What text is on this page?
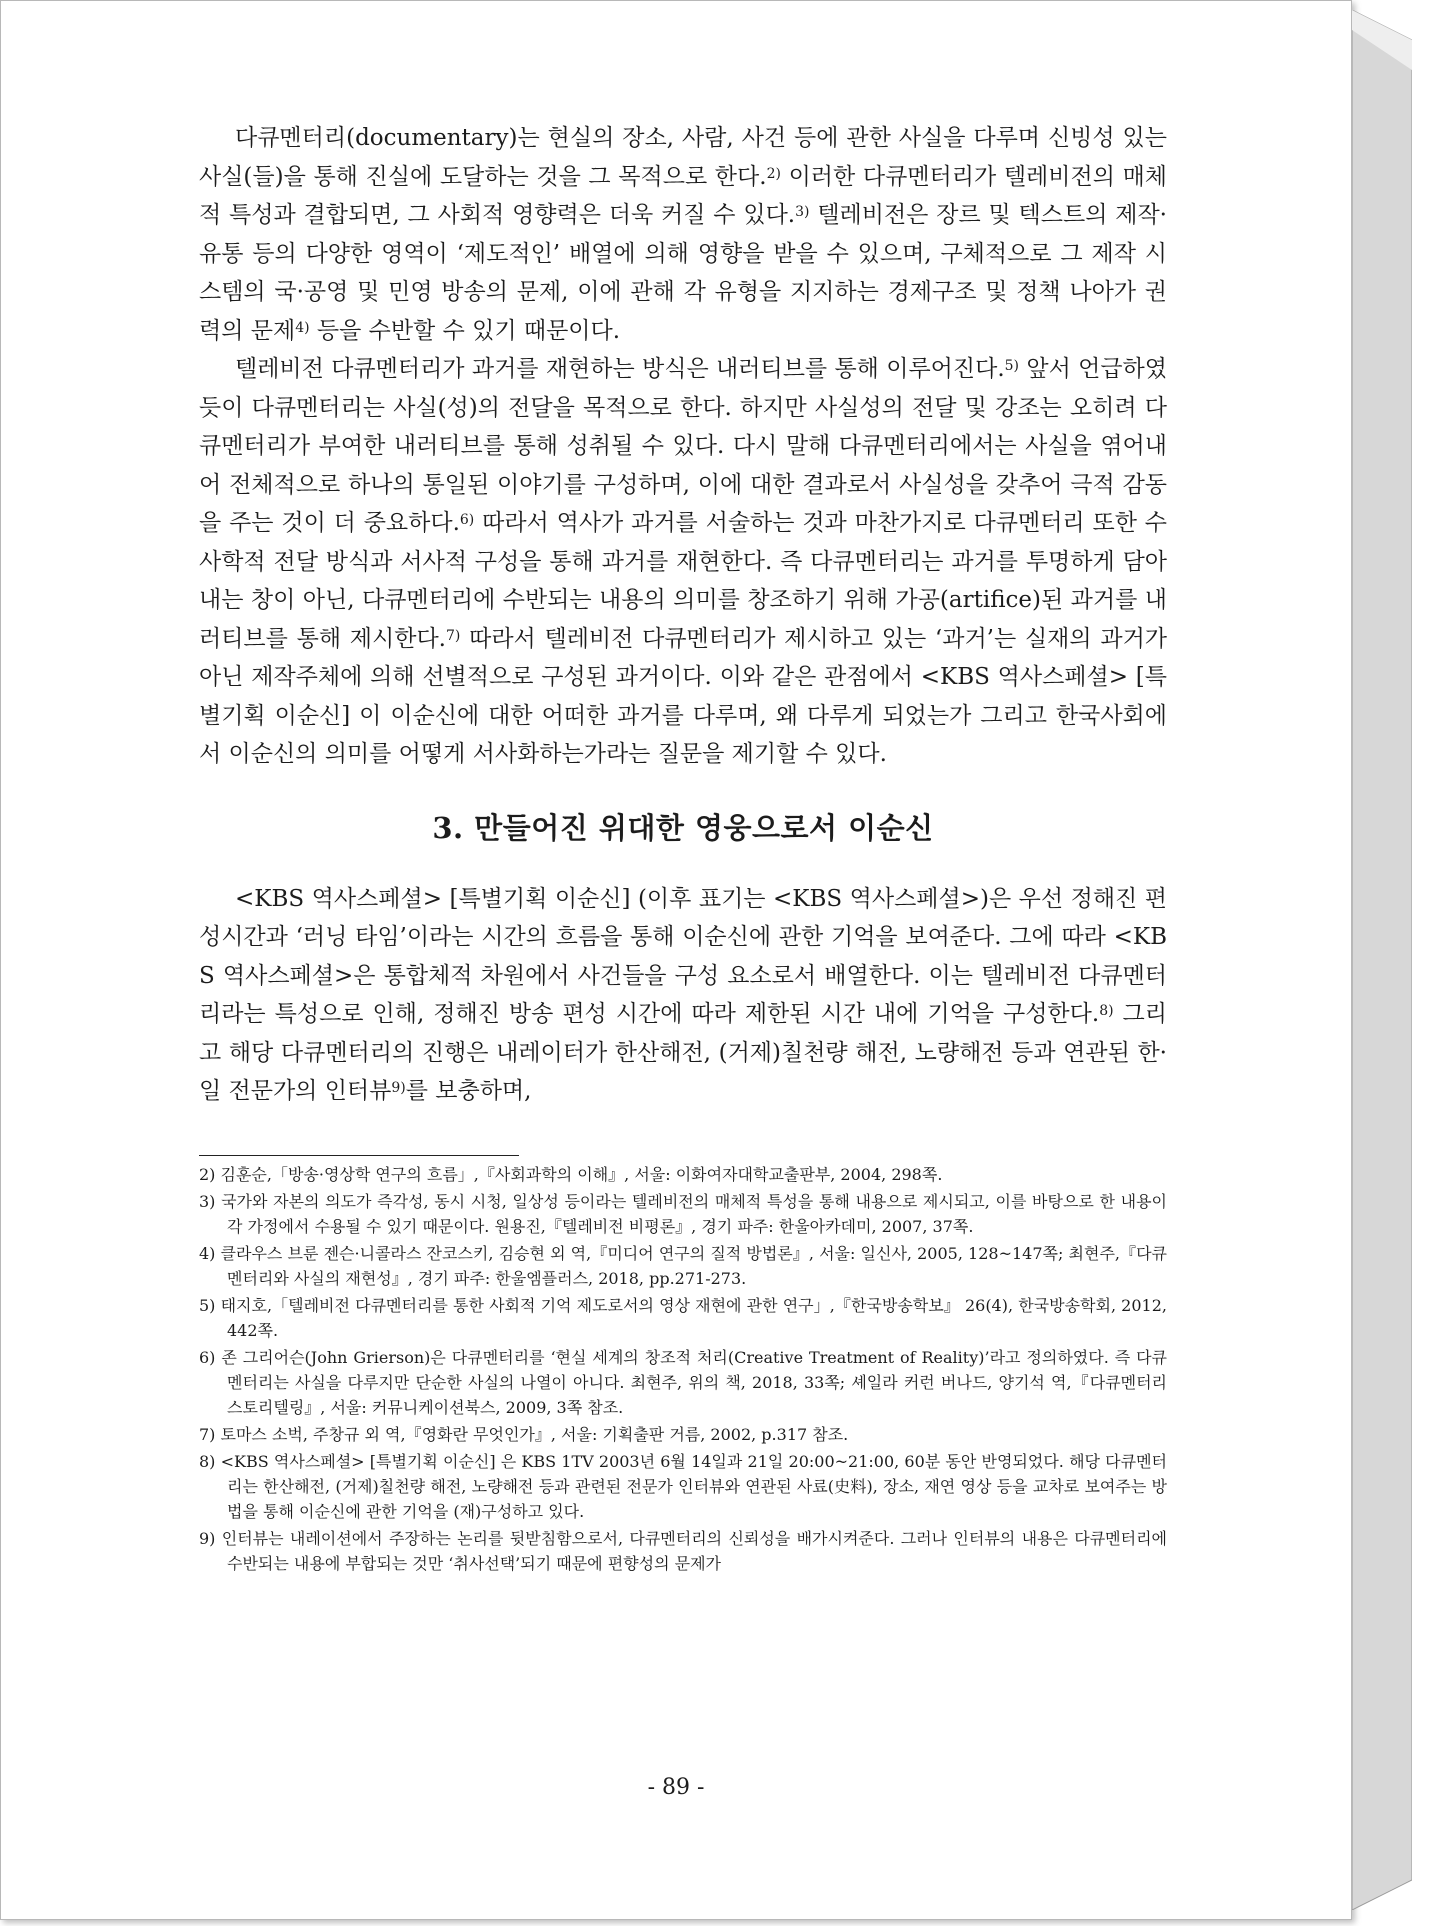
다큐멘터리(documentary)는 현실의 장소, 사람, 사건 등에 관한 사실을 다루며 신빙성 있는 사실(들)을 통해 진실에 도달하는 것을 그 목적으로 한다.$^{2)}$ 이러한 다큐멘터리가 텔레비전의 매체적 특성과 결합되면, 그 사회적 영향력은 더욱 커질 수 있다.$^{3)}$ 텔레비전은 장르 및 텍스트의 제작·유통 등의 다양한 영역이 ‘제도적인’ 배열에 의해 영향을 받을 수 있으며, 구체적으로 그 제작 시스템의 국·공영 및 민영 방송의 문제, 이에 관해 각 유형을 지지하는 경제구조 및 정책 나아가 권력의 문제$^{4)}$ 등을 수반할 수 있기 때문이다.

텔레비전 다큐멘터리가 과거를 재현하는 방식은 내러티브를 통해 이루어진다.$^{5)}$ 앞서 언급하였듯이 다큐멘터리는 사실(성)의 전달을 목적으로 한다. 하지만 사실성의 전달 및 강조는 오히려 다큐멘터리가 부여한 내러티브를 통해 성취될 수 있다. 다시 말해 다큐멘터리에서는 사실을 엮어내어 전체적으로 하나의 통일된 이야기를 구성하며, 이에 대한 결과로서 사실성을 갖추어 극적 감동을 주는 것이 더 중요하다.$^{6)}$ 따라서 역사가 과거를 서술하는 것과 마찬가지로 다큐멘터리 또한 수사학적 전달 방식과 서사적 구성을 통해 과거를 재현한다. 즉 다큐멘터리는 과거를 투명하게 담아내는 창이 아닌, 다큐멘터리에 수반되는 내용의 의미를 창조하기 위해 가공(artifice)된 과거를 내러티브를 통해 제시한다.$^{7)}$ 따라서 텔레비전 다큐멘터리가 제시하고 있는 ‘과거’는 실재의 과거가 아닌 제작주체에 의해 선별적으로 구성된 과거이다. 이와 같은 관점에서 <KBS 역사스페셜> [특별기획 이순신] 이 이순신에 대한 어떠한 과거를 다루며, 왜 다루게 되었는가 그리고 한국사회에서 이순신의 의미를 어떻게 서사화하는가라는 질문을 제기할 수 있다.

3. 만들어진 위대한 영웅으로서 이순신

<KBS 역사스페셜> [특별기획 이순신] (이후 표기는 <KBS 역사스페셜>)은 우선 정해진 편성시간과 ‘러닝 타임’이라는 시간의 흐름을 통해 이순신에 관한 기억을 보여준다. 그에 따라 <KBS 역사스페셜>은 통합체적 차원에서 사건들을 구성 요소로서 배열한다. 이는 텔레비전 다큐멘터리라는 특성으로 인해, 정해진 방송 편성 시간에 따라 제한된 시간 내에 기억을 구성한다.$^{8)}$ 그리고 해당 다큐멘터리의 진행은 내레이터가 한산해전, (거제)칠천량 해전, 노량해전 등과 연관된 한·일 전문가의 인터뷰$^{9)}$를 보충하며,

2) 김훈순,「방송·영상학 연구의 흐름」,『사회과학의 이해』, 서울: 이화여자대학교출판부, 2004, 298쪽.

3) 국가와 자본의 의도가 즉각성, 동시 시청, 일상성 등이라는 텔레비전의 매체적 특성을 통해 내용으로 제시되고, 이를 바탕으로 한 내용이 각 가정에서 수용될 수 있기 때문이다. 원용진,『텔레비전 비평론』, 경기 파주: 한울아카데미, 2007, 37쪽.

4) 클라우스 브룬 젠슨·니콜라스 잔코스키, 김승현 외 역,『미디어 연구의 질적 방법론』, 서울: 일신사, 2005, 128~147쪽; 최현주,『다큐멘터리와 사실의 재현성』, 경기 파주: 한울엠플러스, 2018, pp.271-273.

5) 태지호,「텔레비전 다큐멘터리를 통한 사회적 기억 제도로서의 영상 재현에 관한 연구」,『한국방송학보』 26(4), 한국방송학회, 2012, 442쪽.

6) 존 그리어슨(John Grierson)은 다큐멘터리를 ‘현실 세계의 창조적 처리(Creative Treatment of Reality)’라고 정의하였다. 즉 다큐멘터리는 사실을 다루지만 단순한 사실의 나열이 아니다. 최현주, 위의 책, 2018, 33쪽; 셰일라 커런 버나드, 양기석 역,『다큐멘터리 스토리텔링』, 서울: 커뮤니케이션북스, 2009, 3쪽 참조.

7) 토마스 소벅, 주창규 외 역,『영화란 무엇인가』, 서울: 기획출판 거름, 2002, p.317 참조.

8) <KBS 역사스페셜> [특별기획 이순신] 은 KBS 1TV 2003년 6월 14일과 21일 20:00~21:00, 60분 동안 반영되었다. 해당 다큐멘터리는 한산해전, (거제)칠천량 해전, 노량해전 등과 관련된 전문가 인터뷰와 연관된 사료(史料), 장소, 재연 영상 등을 교차로 보여주는 방법을 통해 이순신에 관한 기억을 (재)구성하고 있다.

9) 인터뷰는 내레이션에서 주장하는 논리를 뒷받침함으로서, 다큐멘터리의 신뢰성을 배가시켜준다. 그러나 인터뷰의 내용은 다큐멘터리에 수반되는 내용에 부합되는 것만 ‘취사선택’되기 때문에 편향성의 문제가

- 89 -
